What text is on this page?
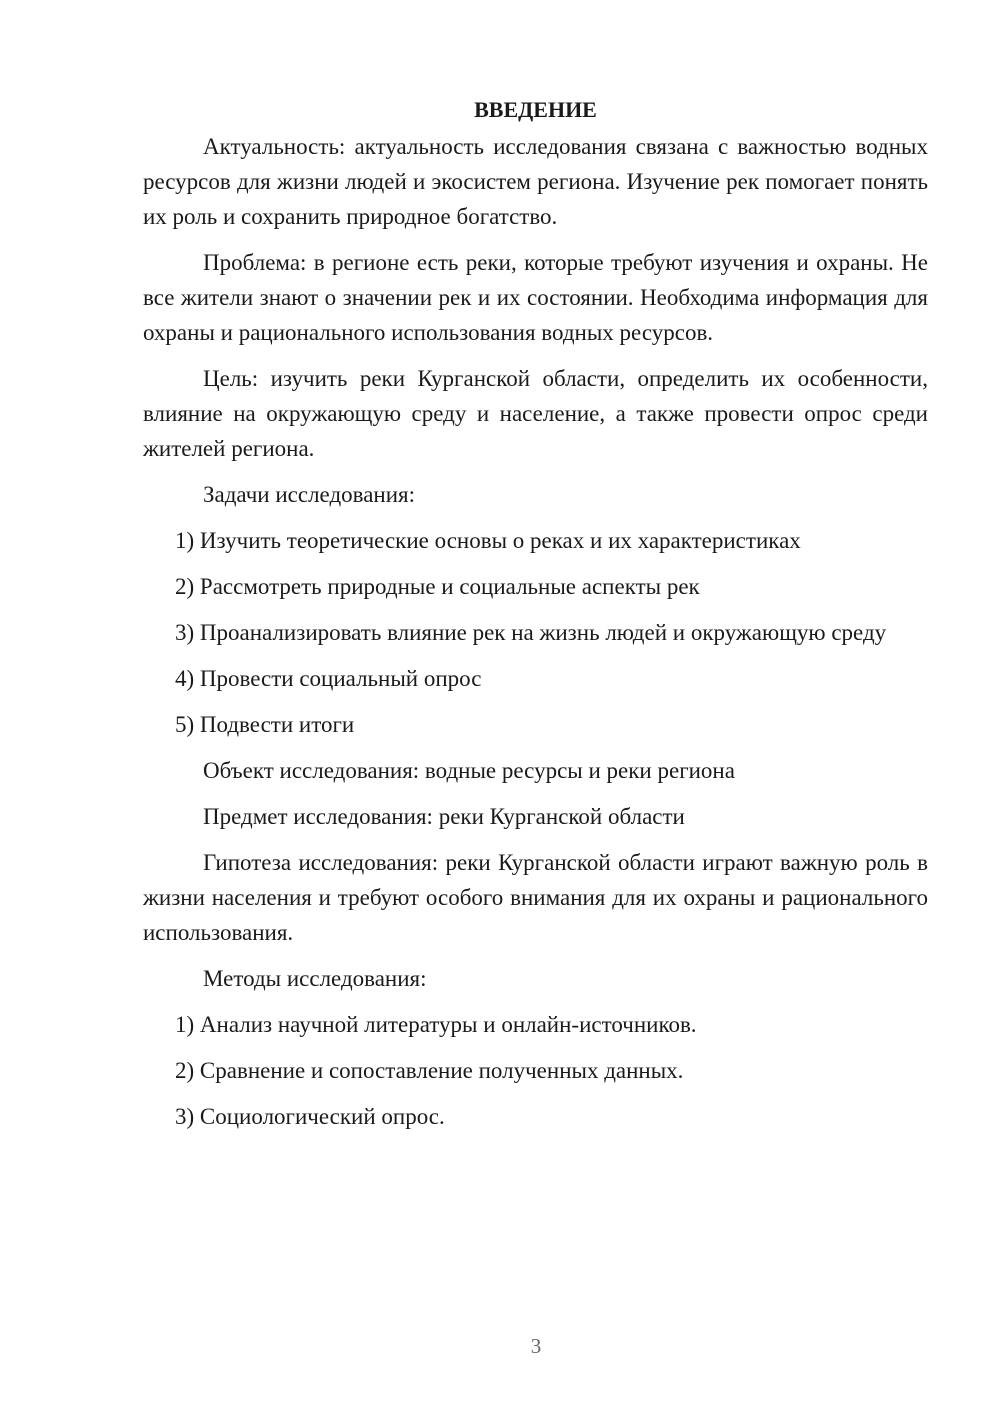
ВВЕДЕНИЕ

Актуальность: актуальность исследования связана с важностью водных ресурсов для жизни людей и экосистем региона. Изучение рек помогает понять их роль и сохранить природное богатство.

Проблема: в регионе есть реки, которые требуют изучения и охраны. Не все жители знают о значении рек и их состоянии. Необходима информация для охраны и рационального использования водных ресурсов.

Цель: изучить реки Курганской области, определить их особенности, влияние на окружающую среду и население, а также провести опрос среди жителей региона.

Задачи исследования:

1) Изучить теоретические основы о реках и их характеристиках

2) Рассмотреть природные и социальные аспекты рек

3) Проанализировать влияние рек на жизнь людей и окружающую среду

4) Провести социальный опрос

5) Подвести итоги

Объект исследования: водные ресурсы и реки региона

Предмет исследования: реки Курганской области

Гипотеза исследования: реки Курганской области играют важную роль в жизни населения и требуют особого внимания для их охраны и рационального использования.

Методы исследования:

1) Анализ научной литературы и онлайн-источников.

2) Сравнение и сопоставление полученных данных.

3) Социологический опрос.

3
